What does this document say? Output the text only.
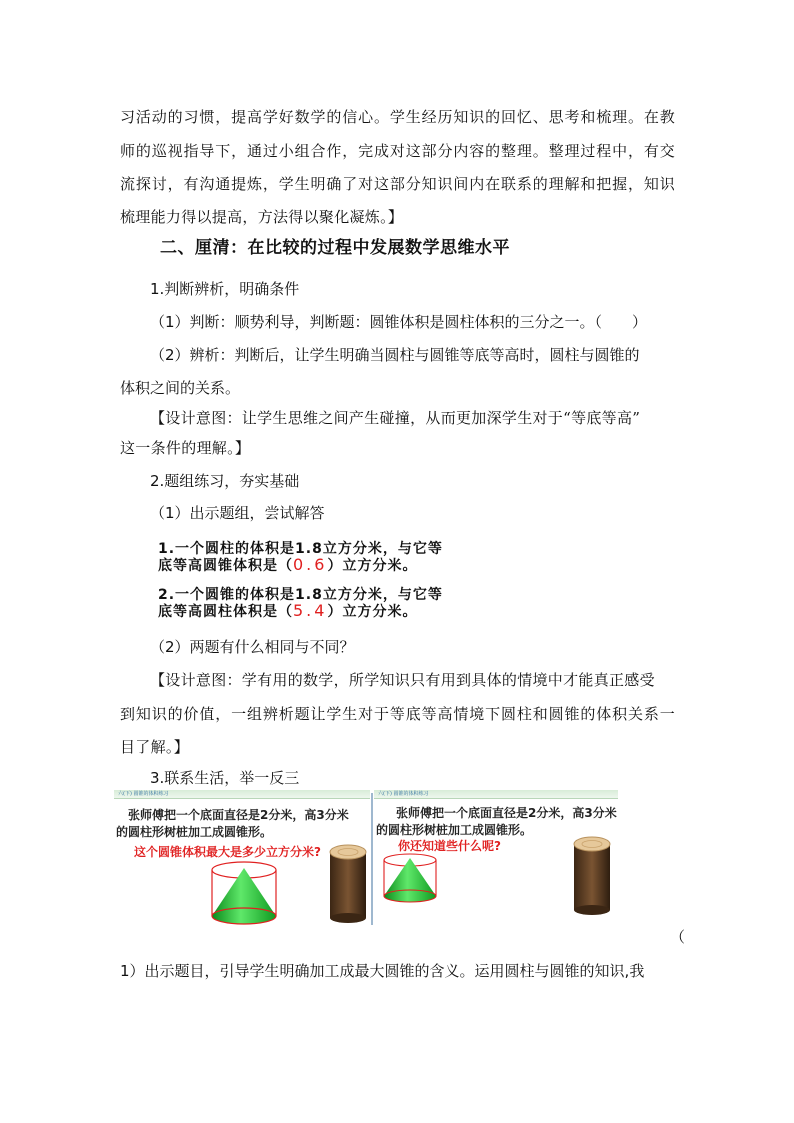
习活动的习惯，提高学好数学的信心。学生经历知识的回忆、思考和梳理。在教
师的巡视指导下，通过小组合作，完成对这部分内容的整理。整理过程中，有交
流探讨，有沟通提炼，学生明确了对这部分知识间内在联系的理解和把握，知识
梳理能力得以提高，方法得以聚化凝炼。】
二、厘清：在比较的过程中发展数学思维水平
1.判断辨析，明确条件
（1）判断：顺势利导，判断题：圆锥体积是圆柱体积的三分之一。（　　）
（2）辨析：判断后，让学生明确当圆柱与圆锥等底等高时，圆柱与圆锥的
体积之间的关系。
【设计意图：让学生思维之间产生碰撞，从而更加深学生对于“等底等高”
这一条件的理解。】
2.题组练习，夯实基础
（1）出示题组，尝试解答
1.一个圆柱的体积是1.8立方分米，与它等
底等高圆锥体积是（0.6）立方分米。
2.一个圆锥的体积是1.8立方分米，与它等
底等高圆柱体积是（5.4）立方分米。
（2）两题有什么相同与不同？
【设计意图：学有用的数学，所学知识只有用到具体的情境中才能真正感受
到知识的价值，一组辨析题让学生对于等底等高情境下圆柱和圆锥的体积关系一
目了解。】
3.联系生活，举一反三
六(下) 圆锥的体积练习
张师傅把一个底面直径是2分米，高3分米
的圆柱形树桩加工成圆锥形。
这个圆锥体积最大是多少立方分米?
六(下) 圆锥的体积练习
张师傅把一个底面直径是2分米，高3分米
的圆柱形树桩加工成圆锥形。
你还知道些什么呢?
（
1）出示题目，引导学生明确加工成最大圆锥的含义。运用圆柱与圆锥的知识,我
